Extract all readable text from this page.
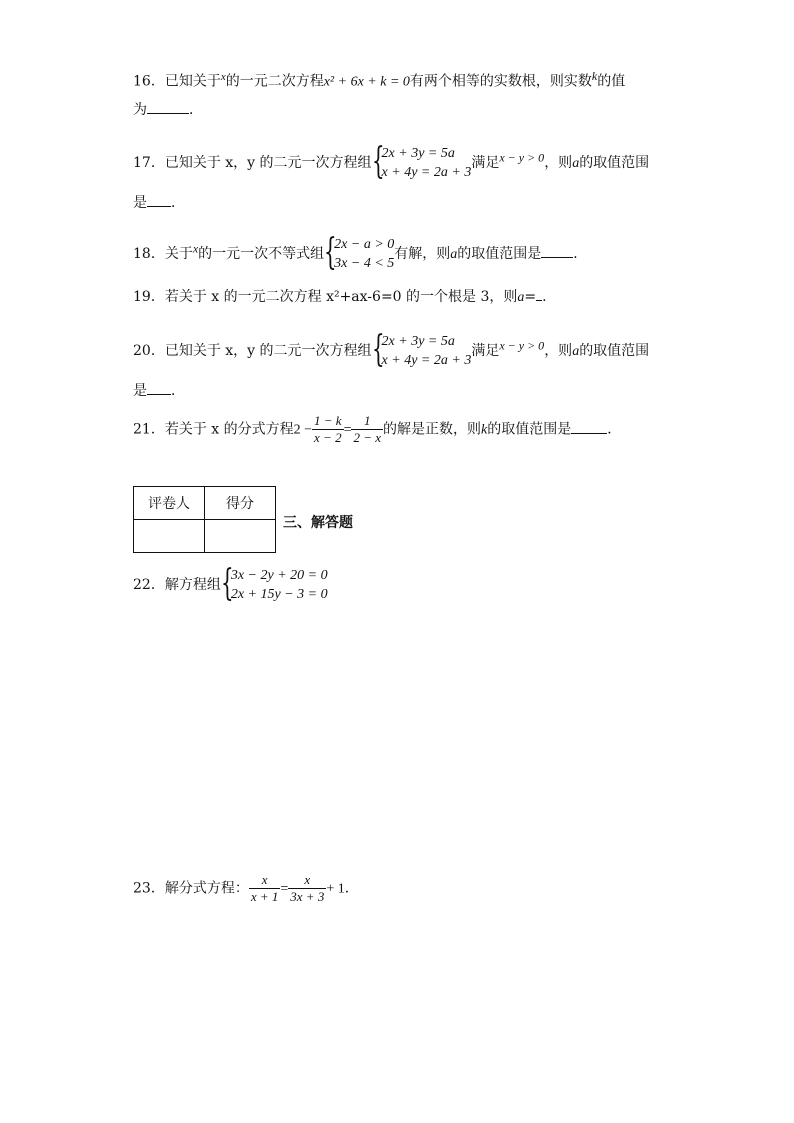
16．已知关于$^x$的一元二次方程x² + 6x + k = 0有两个相等的实数根，则实数k的值
为	．
17．已知关于 x，y 的二元一次方程组 {
2x + 3y = 5a
x + 4y = 2a + 3
满足x − y > 0，则a的取值范围
是 ．
18．关于x的一元一次不等式组 {
2x − a > 0
3x − 4 < 5
有解，则a的取值范围是 ．
19．若关于 x 的一元二次方程 x²+ax-6=0 的一个根是 3，则a= .
20．已知关于 x，y 的二元一次方程组 {
2x + 3y = 5a
x + 4y = 2a + 3
满足x − y > 0，则a的取值范围
是 ．
21．若关于 x 的分式方程$2 - \frac{1 - k}{x - 2} = \frac{1}{2 - x}$ 的解是正数，则k的取值范围是	．
评卷人	得分

三、解答题
22．解方程组 {
3x − 2y + 20 = 0
2x + 15y − 3 = 0
23．解分式方程： $\frac{x}{x + 1} = \frac{x}{3x + 3} + 1$．
